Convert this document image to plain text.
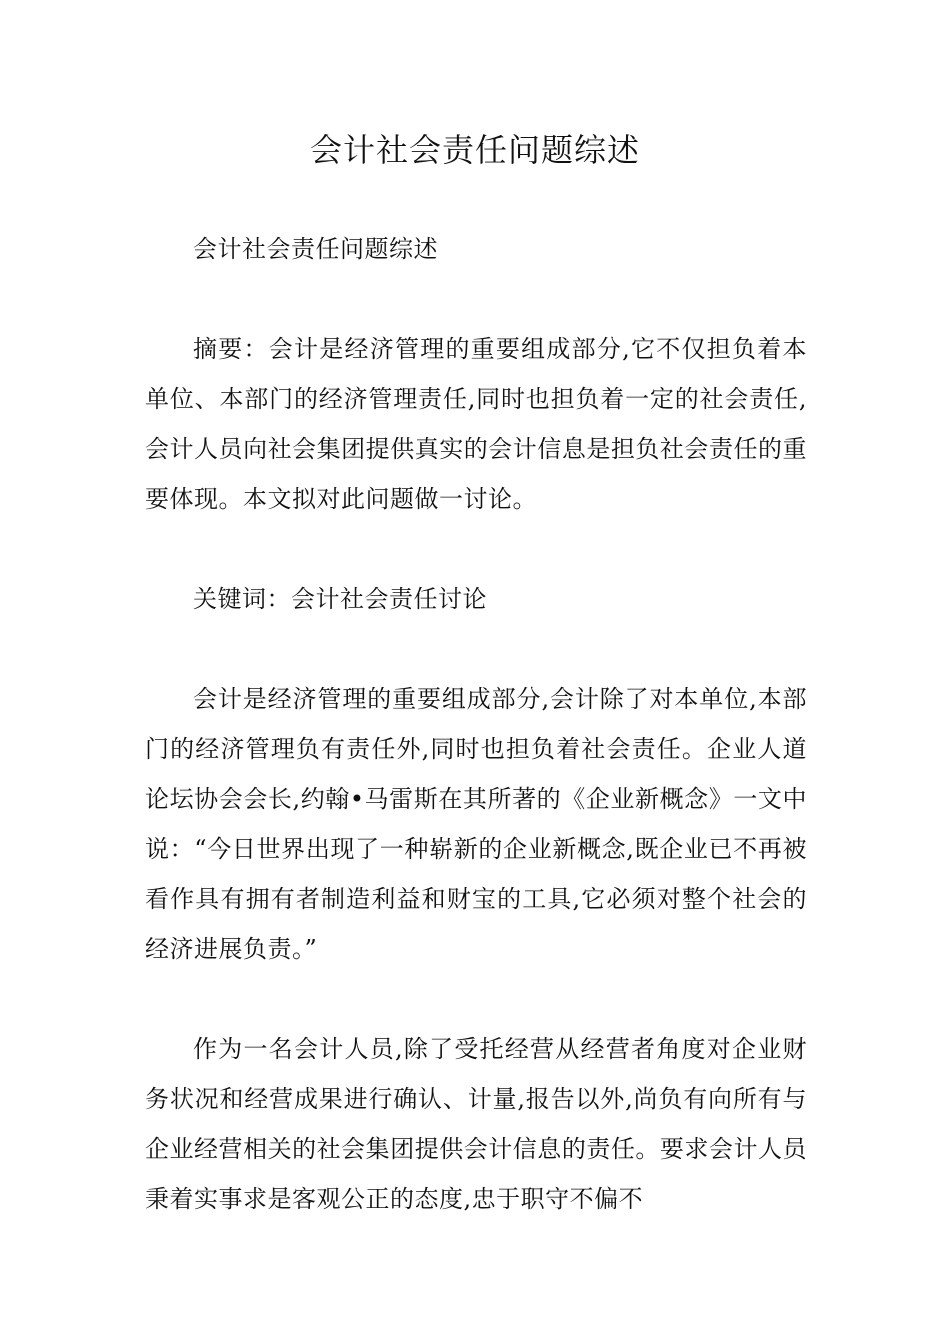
会计社会责任问题综述

会计社会责任问题综述

摘要：会计是经济管理的重要组成部分,它不仅担负着本单位、本部门的经济管理责任,同时也担负着一定的社会责任,会计人员向社会集团提供真实的会计信息是担负社会责任的重要体现。本文拟对此问题做一讨论。

关键词：会计社会责任讨论

会计是经济管理的重要组成部分,会计除了对本单位,本部门的经济管理负有责任外,同时也担负着社会责任。企业人道论坛协会会长,约翰•马雷斯在其所著的《企业新概念》一文中说：“今日世界出现了一种崭新的企业新概念,既企业已不再被看作具有拥有者制造利益和财宝的工具,它必须对整个社会的经济进展负责。”

作为一名会计人员,除了受托经营从经营者角度对企业财务状况和经营成果进行确认、计量,报告以外,尚负有向所有与企业经营相关的社会集团提供会计信息的责任。要求会计人员秉着实事求是客观公正的态度,忠于职守不偏不
